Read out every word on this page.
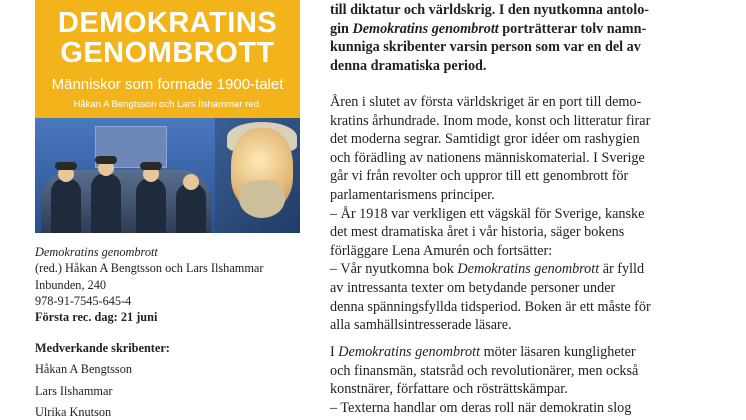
DEMOKRATINS
GENOMBROTT
Människor som formade 1900-talet
Håkan A Bengtsson och Lars Ilshammar red.
Demokratins genombrott
(red.) Håkan A Bengtsson och Lars Ilshammar
Inbunden, 240
978-91-7545-645-4
Första rec. dag: 21 juni
Medverkande skribenter:
Håkan A Bengtsson
Lars Ilshammar
Ulrika Knutson
till diktatur och världskrig. I den nyutkomna antolo-
gin Demokratins genombrott porträtterar tolv namn-
kunniga skribenter varsin person som var en del av
denna dramatiska period.
Åren i slutet av första världskriget är en port till demo-
kratins århundrade. Inom mode, konst och litteratur firar
det moderna segrar. Samtidigt gror idéer om rashygien
och förädling av nationens människomaterial. I Sverige
går vi från revolter och uppror till ett genombrott för
parlamentarismens principer.
– År 1918 var verkligen ett vägskäl för Sverige, kanske
det mest dramatiska året i vår historia, säger bokens
förläggare Lena Amurén och fortsätter:
– Vår nyutkomna bok Demokratins genombrott är fylld
av intressanta texter om betydande personer under
denna spänningsfyllda tidsperiod. Boken är ett måste för
alla samhällsintresserade läsare.
I Demokratins genombrott möter läsaren kungligheter
och finansmän, statsråd och revolutionärer, men också
konstnärer, författare och rösträttskämpar.
– Texterna handlar om deras roll när demokratin slog
